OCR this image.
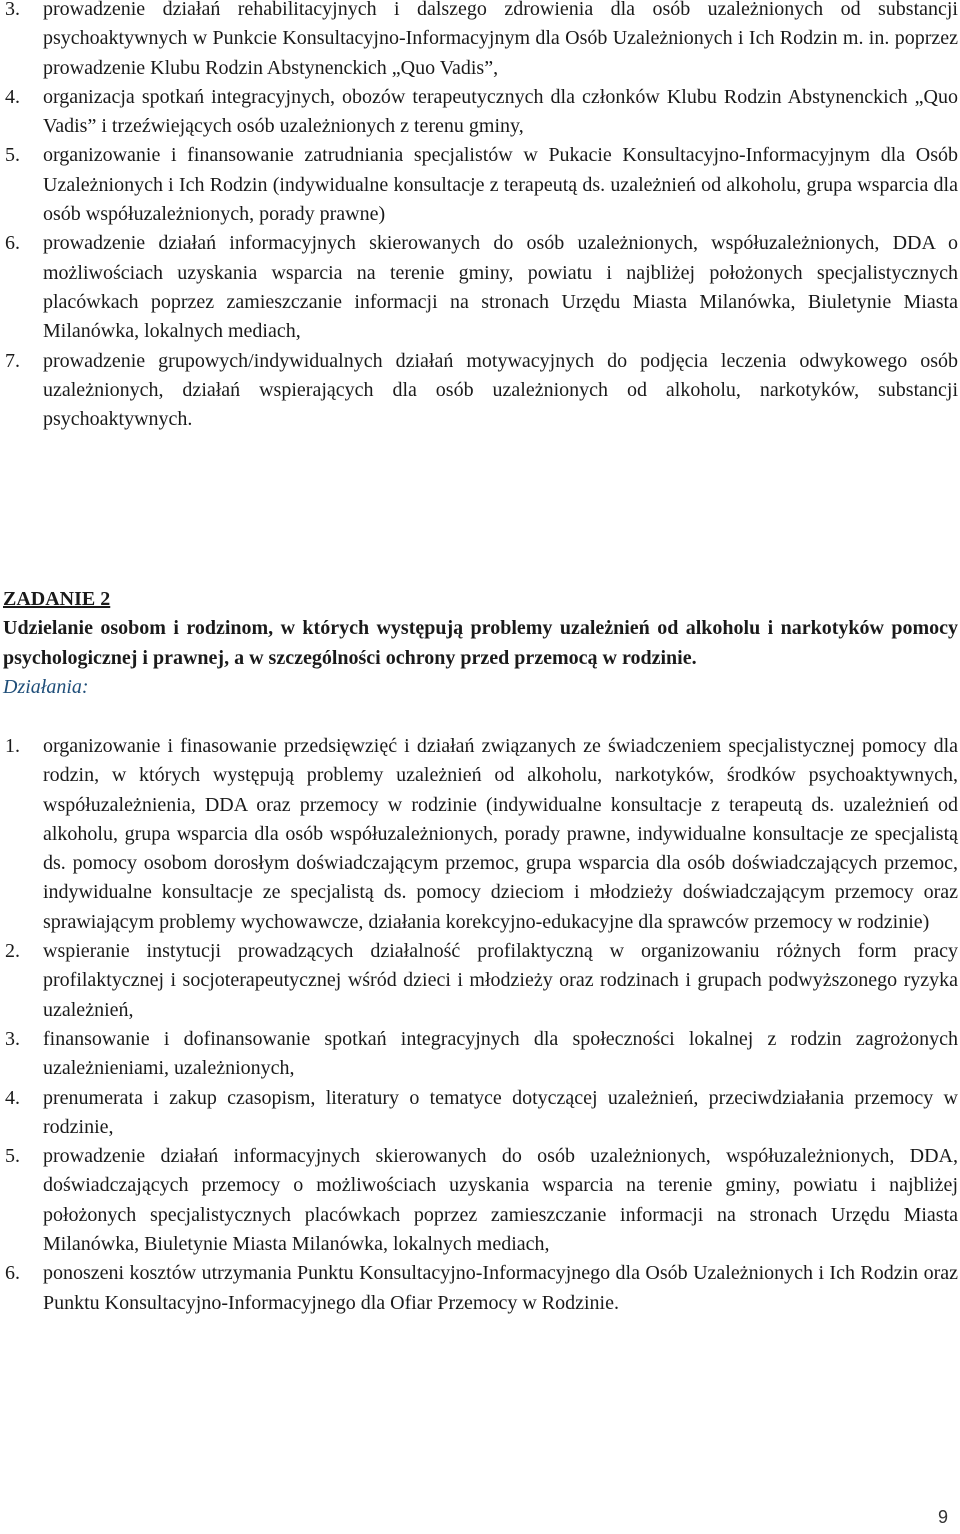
3. prowadzenie działań rehabilitacyjnych i dalszego zdrowienia dla osób uzależnionych od substancji psychoaktywnych w Punkcie Konsultacyjno-Informacyjnym dla Osób Uzależnionych i Ich Rodzin m. in. poprzez prowadzenie Klubu Rodzin Abstynenckich „Quo Vadis”,
4. organizacja spotkań integracyjnych, obozów terapeutycznych dla członków Klubu Rodzin Abstynenckich „Quo Vadis” i trzeźwiejących osób uzależnionych z terenu gminy,
5. organizowanie i finansowanie zatrudniania specjalistów w Pukacie Konsultacyjno-Informacyjnym dla Osób Uzależnionych i Ich Rodzin (indywidualne konsultacje z terapeutą ds. uzależnień od alkoholu, grupa wsparcia dla osób współuzależnionych, porady prawne)
6. prowadzenie działań informacyjnych skierowanych do osób uzależnionych, współuzależnionych, DDA o możliwościach uzyskania wsparcia na terenie gminy, powiatu i najbliżej położonych specjalistycznych placówkach poprzez zamieszczanie informacji na stronach Urzędu Miasta Milanówka, Biuletynie Miasta Milanówka, lokalnych mediach,
7. prowadzenie grupowych/indywidualnych działań motywacyjnych do podjęcia leczenia odwykowego osób uzależnionych, działań wspierających dla osób uzależnionych od alkoholu, narkotyków, substancji psychoaktywnych.
ZADANIE 2
Udzielanie osobom i rodzinom, w których występują problemy uzależnień od alkoholu i narkotyków pomocy psychologicznej i prawnej, a w szczególności ochrony przed przemocą w rodzinie.
Działania:
1. organizowanie i finasowanie przedsięwzięć i działań związanych ze świadczeniem specjalistycznej pomocy dla rodzin, w których występują problemy uzależnień od alkoholu, narkotyków, środków psychoaktywnych, współuzależnienia, DDA oraz przemocy w rodzinie (indywidualne konsultacje z terapeutą ds. uzależnień od alkoholu, grupa wsparcia dla osób współuzależnionych, porady prawne, indywidualne konsultacje ze specjalistą ds. pomocy osobom dorosłym doświadczającym przemoc, grupa wsparcia dla osób doświadczających przemoc, indywidualne konsultacje ze specjalistą ds. pomocy dzieciom i młodzieży doświadczającym przemocy oraz sprawiającym problemy wychowawcze, działania korekcyjno-edukacyjne dla sprawców przemocy w rodzinie)
2. wspieranie instytucji prowadzących działalność profilaktyczną w organizowaniu różnych form pracy profilaktycznej i socjoterapeutycznej wśród dzieci i młodzieży oraz rodzinach i grupach podwyższonego ryzyka uzależnień,
3. finansowanie i dofinansowanie spotkań integracyjnych dla społeczności lokalnej z rodzin zagrożonych uzależnieniami, uzależnionych,
4. prenumerata i zakup czasopism, literatury o tematyce dotyczącej uzależnień, przeciwdziałania przemocy w rodzinie,
5. prowadzenie działań informacyjnych skierowanych do osób uzależnionych, współuzależnionych, DDA, doświadczających przemocy o możliwościach uzyskania wsparcia na terenie gminy, powiatu i najbliżej położonych specjalistycznych placówkach poprzez zamieszczanie informacji na stronach Urzędu Miasta Milanówka, Biuletynie Miasta Milanówka, lokalnych mediach,
6. ponoszeni kosztów utrzymania Punktu Konsultacyjno-Informacyjnego dla Osób Uzależnionych i Ich Rodzin oraz Punktu Konsultacyjno-Informacyjnego dla Ofiar Przemocy w Rodzinie.
9
